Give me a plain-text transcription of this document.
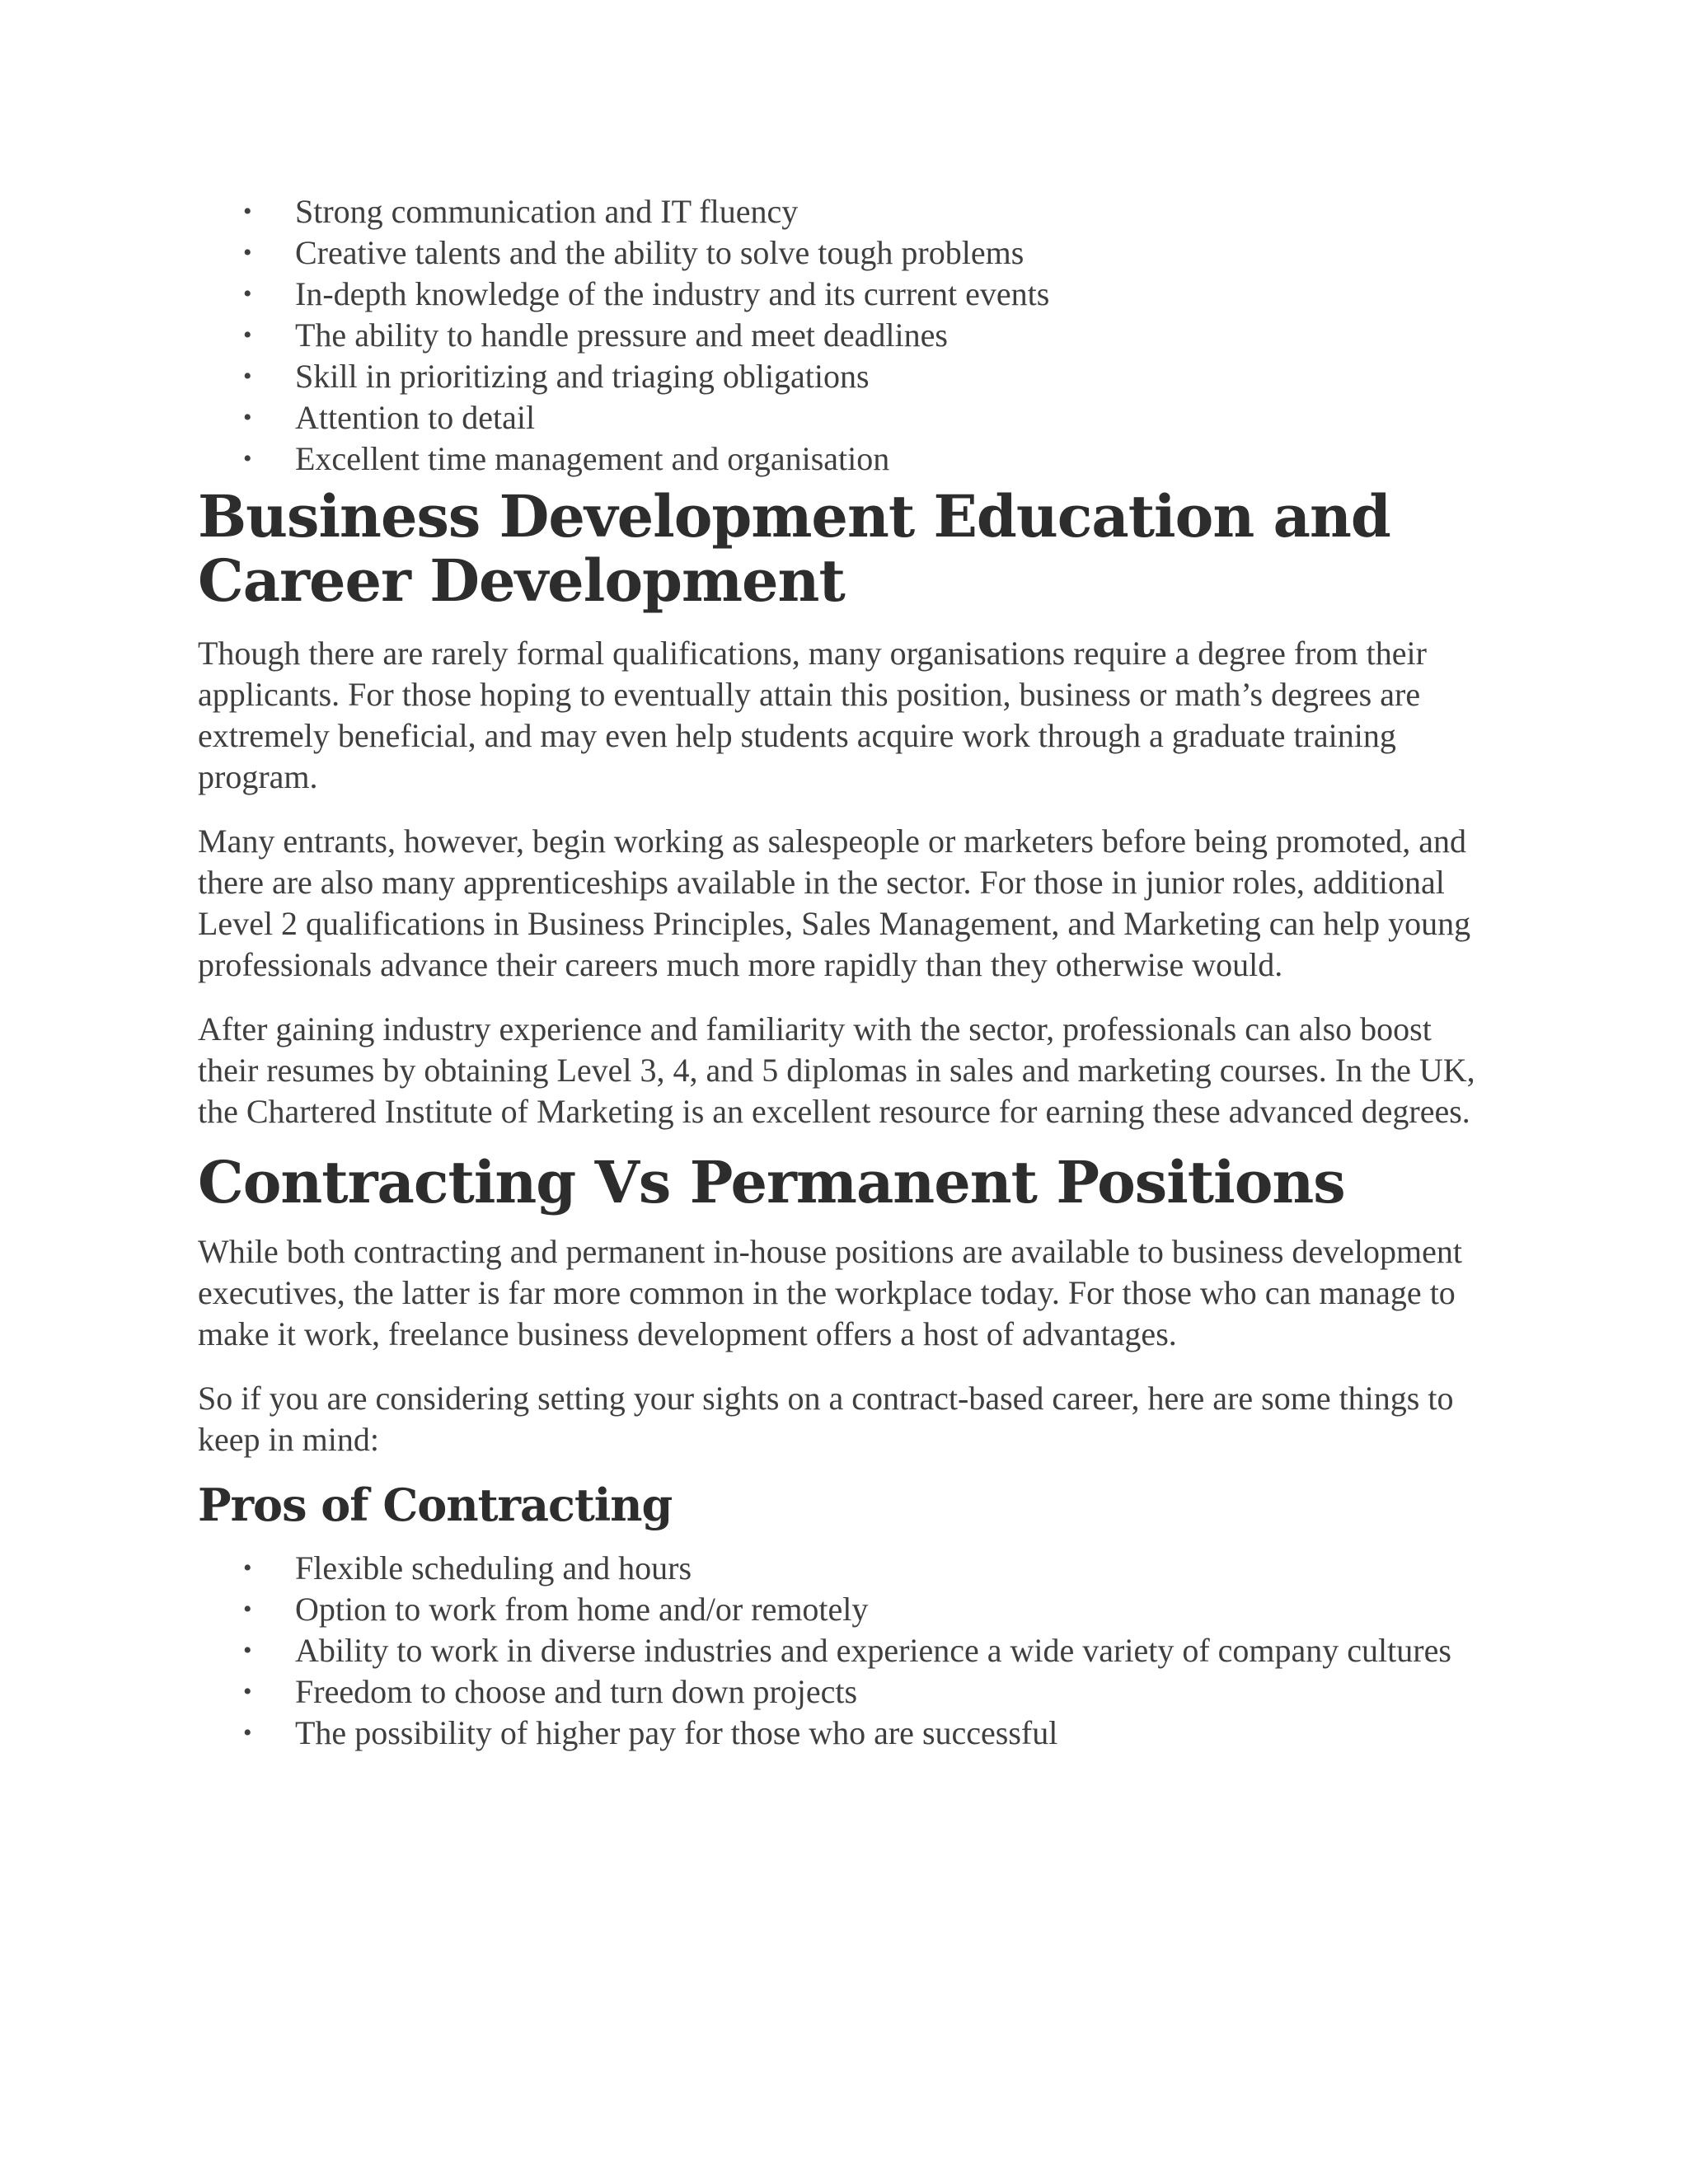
• Strong communication and IT fluency
• Creative talents and the ability to solve tough problems
• In-depth knowledge of the industry and its current events
• The ability to handle pressure and meet deadlines
• Skill in prioritizing and triaging obligations
• Attention to detail
• Excellent time management and organisation
Business Development Education and Career Development

Though there are rarely formal qualifications, many organisations require a degree from their applicants. For those hoping to eventually attain this position, business or math’s degrees are extremely beneficial, and may even help students acquire work through a graduate training program.

Many entrants, however, begin working as salespeople or marketers before being promoted, and there are also many apprenticeships available in the sector. For those in junior roles, additional Level 2 qualifications in Business Principles, Sales Management, and Marketing can help young professionals advance their careers much more rapidly than they otherwise would.

After gaining industry experience and familiarity with the sector, professionals can also boost their resumes by obtaining Level 3, 4, and 5 diplomas in sales and marketing courses. In the UK, the Chartered Institute of Marketing is an excellent resource for earning these advanced degrees.

Contracting Vs Permanent Positions

While both contracting and permanent in-house positions are available to business development executives, the latter is far more common in the workplace today. For those who can manage to make it work, freelance business development offers a host of advantages.

So if you are considering setting your sights on a contract-based career, here are some things to keep in mind:

Pros of Contracting
• Flexible scheduling and hours
• Option to work from home and/or remotely
• Ability to work in diverse industries and experience a wide variety of company cultures
• Freedom to choose and turn down projects
• The possibility of higher pay for those who are successful
